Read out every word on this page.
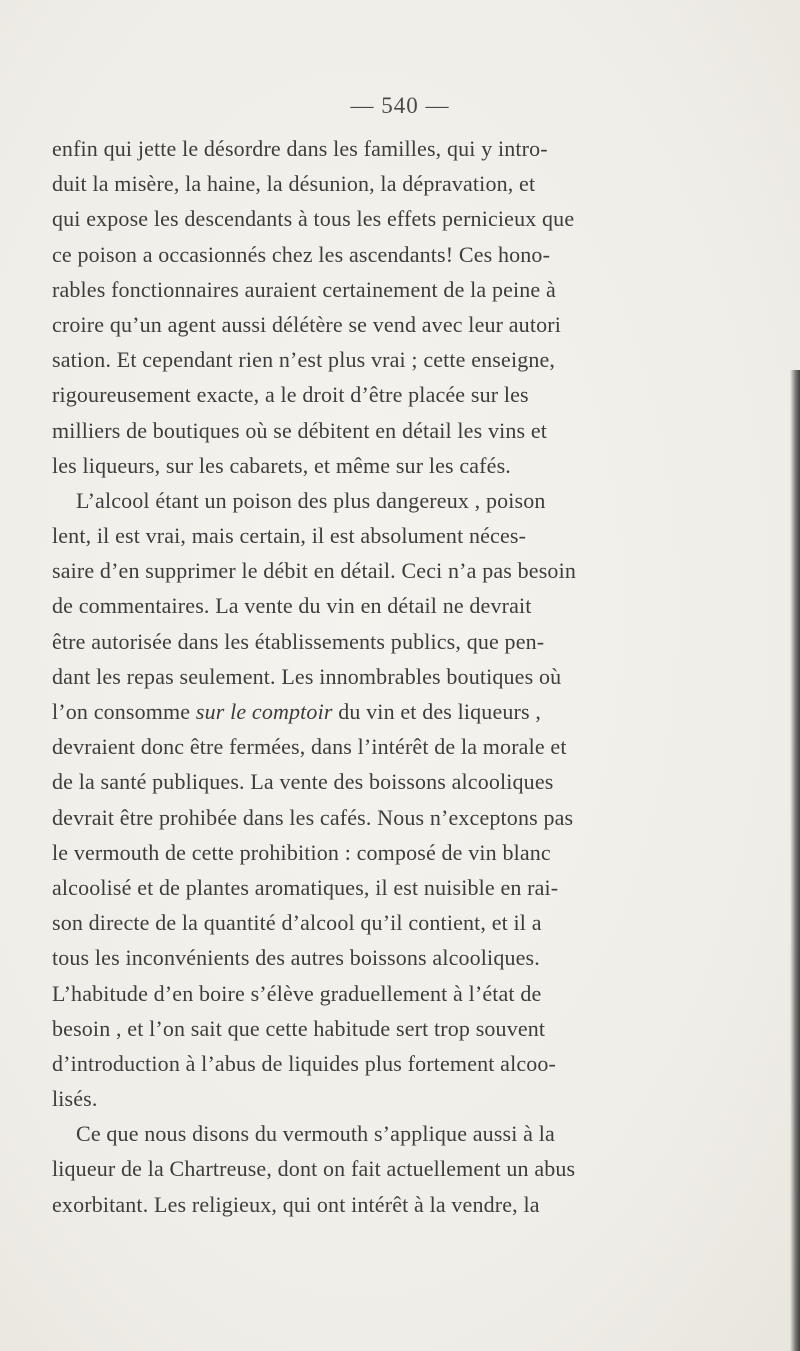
— 540 —
enfin qui jette le désordre dans les familles, qui y intro-
duit la misère, la haine, la désunion, la dépravation, et
qui expose les descendants à tous les effets pernicieux que
ce poison a occasionnés chez les ascendants! Ces hono-
rables fonctionnaires auraient certainement de la peine à
croire qu’un agent aussi délétère se vend avec leur autori
sation. Et cependant rien n’est plus vrai ; cette enseigne,
rigoureusement exacte, a le droit d’être placée sur les
milliers de boutiques où se débitent en détail les vins et
les liqueurs, sur les cabarets, et même sur les cafés.
L’alcool étant un poison des plus dangereux , poison
lent, il est vrai, mais certain, il est absolument néces-
saire d’en supprimer le débit en détail. Ceci n’a pas besoin
de commentaires. La vente du vin en détail ne devrait
être autorisée dans les établissements publics, que pen-
dant les repas seulement. Les innombrables boutiques où
l’on consomme sur le comptoir du vin et des liqueurs ,
devraient donc être fermées, dans l’intérêt de la morale et
de la santé publiques. La vente des boissons alcooliques
devrait être prohibée dans les cafés. Nous n’exceptons pas
le vermouth de cette prohibition : composé de vin blanc
alcoolisé et de plantes aromatiques, il est nuisible en rai-
son directe de la quantité d’alcool qu’il contient, et il a
tous les inconvénients des autres boissons alcooliques.
L’habitude d’en boire s’élève graduellement à l’état de
besoin , et l’on sait que cette habitude sert trop souvent
d’introduction à l’abus de liquides plus fortement alcoo-
lisés.
Ce que nous disons du vermouth s’applique aussi à la
liqueur de la Chartreuse, dont on fait actuellement un abus
exorbitant. Les religieux, qui ont intérêt à la vendre, la
